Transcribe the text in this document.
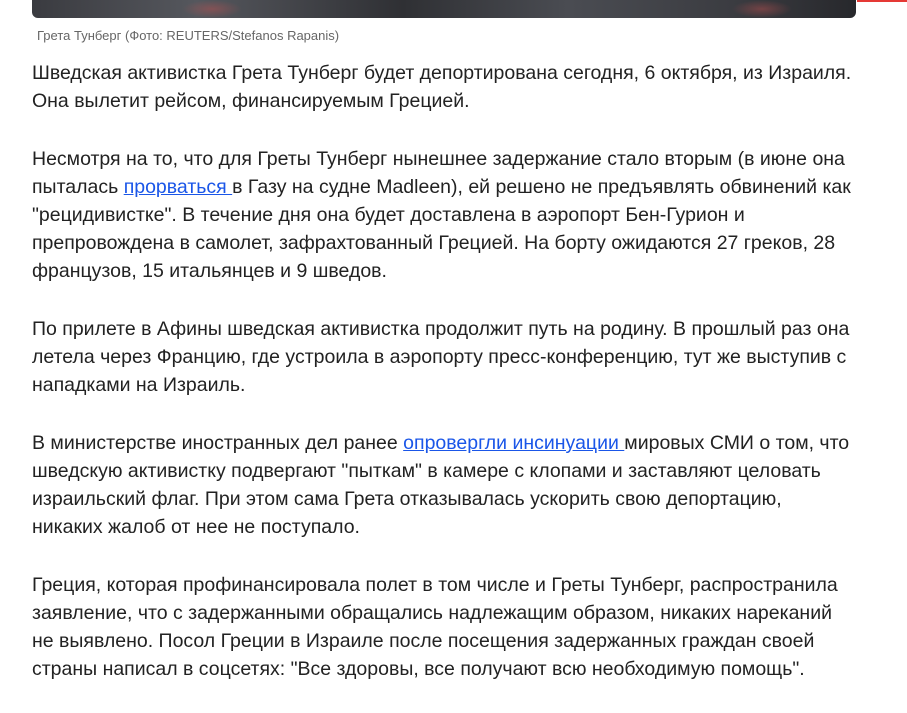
Грета Тунберг (Фото: REUTERS/Stefanos Rapanis)

Шведская активистка Грета Тунберг будет депортирована сегодня, 6 октября, из Израиля. Она вылетит рейсом, финансируемым Грецией.

Несмотря на то, что для Греты Тунберг нынешнее задержание стало вторым (в июне она пыталась прорваться в Газу на судне Madleen), ей решено не предъявлять обвинений как "рецидивистке". В течение дня она будет доставлена в аэропорт Бен-Гурион и препровождена в самолет, зафрахтованный Грецией. На борту ожидаются 27 греков, 28 французов, 15 итальянцев и 9 шведов.

По прилете в Афины шведская активистка продолжит путь на родину. В прошлый раз она летела через Францию, где устроила в аэропорту пресс-конференцию, тут же выступив с нападками на Израиль.

В министерстве иностранных дел ранее опровергли инсинуации мировых СМИ о том, что шведскую активистку подвергают "пыткам" в камере с клопами и заставляют целовать израильский флаг. При этом сама Грета отказывалась ускорить свою депортацию, никаких жалоб от нее не поступало.

Греция, которая профинансировала полет в том числе и Греты Тунберг, распространила заявление, что с задержанными обращались надлежащим образом, никаких нареканий не выявлено. Посол Греции в Израиле после посещения задержанных граждан своей страны написал в соцсетях: "Все здоровы, все получают всю необходимую помощь".
